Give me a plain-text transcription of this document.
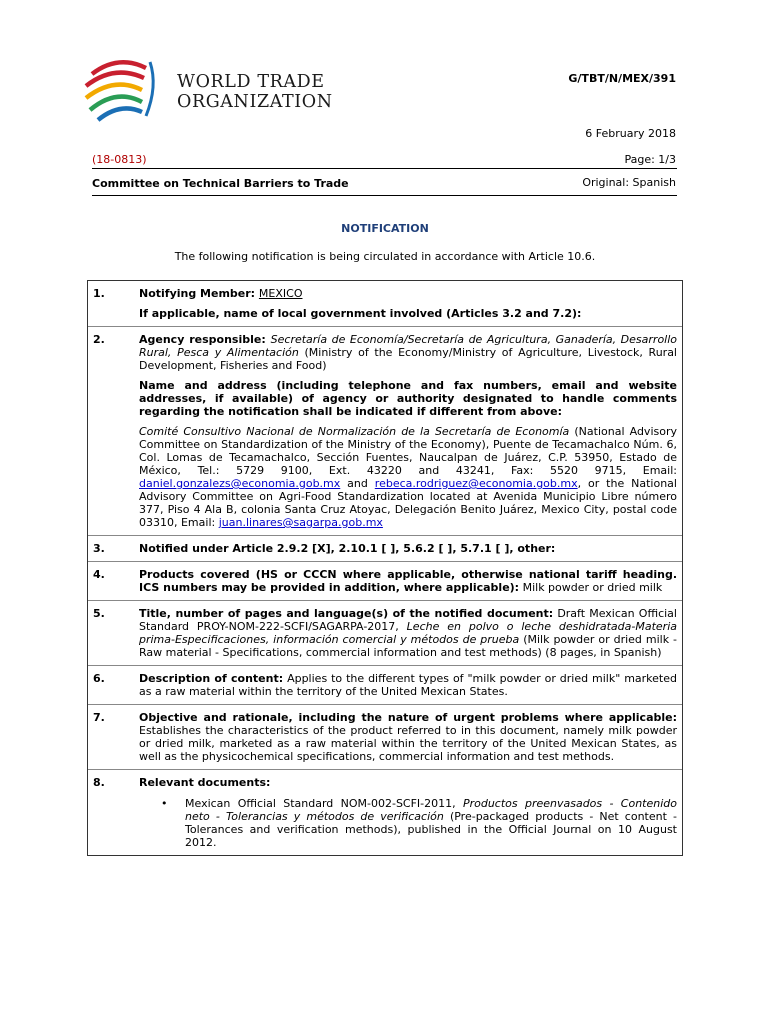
WORLD TRADE
ORGANIZATION
G/TBT/N/MEX/391
6 February 2018
(18-0813)	Page: 1/3
Committee on Technical Barriers to Trade	Original: Spanish
NOTIFICATION
The following notification is being circulated in accordance with Article 10.6.
1.	Notifying Member: MEXICO

If applicable, name of local government involved (Articles 3.2 and 7.2):

2.	Agency responsible: Secretaría de Economía/Secretaría de Agricultura, Ganadería, Desarrollo Rural, Pesca y Alimentación (Ministry of the Economy/Ministry of Agriculture, Livestock, Rural Development, Fisheries and Food)

Name and address (including telephone and fax numbers, email and website addresses, if available) of agency or authority designated to handle comments regarding the notification shall be indicated if different from above:

Comité Consultivo Nacional de Normalización de la Secretaría de Economía (National Advisory Committee on Standardization of the Ministry of the Economy), Puente de Tecamachalco Núm. 6, Col. Lomas de Tecamachalco, Sección Fuentes, Naucalpan de Juárez, C.P. 53950, Estado de México, Tel.: 5729 9100, Ext. 43220 and 43241, Fax: 5520 9715, Email: daniel.gonzalezs@economia.gob.mx and rebeca.rodriguez@economia.gob.mx, or the National Advisory Committee on Agri-Food Standardization located at Avenida Municipio Libre número 377, Piso 4 Ala B, colonia Santa Cruz Atoyac, Delegación Benito Juárez, Mexico City, postal code 03310, Email: juan.linares@sagarpa.gob.mx

3.	Notified under Article 2.9.2 [X], 2.10.1 [ ], 5.6.2 [ ], 5.7.1 [ ], other:

4.	Products covered (HS or CCCN where applicable, otherwise national tariff heading. ICS numbers may be provided in addition, where applicable): Milk powder or dried milk

5.	Title, number of pages and language(s) of the notified document: Draft Mexican Official Standard PROY-NOM-222-SCFI/SAGARPA-2017, Leche en polvo o leche deshidratada-Materia prima-Especificaciones, información comercial y métodos de prueba (Milk powder or dried milk - Raw material - Specifications, commercial information and test methods) (8 pages, in Spanish)

6.	Description of content: Applies to the different types of "milk powder or dried milk" marketed as a raw material within the territory of the United Mexican States.

7.	Objective and rationale, including the nature of urgent problems where applicable: Establishes the characteristics of the product referred to in this document, namely milk powder or dried milk, marketed as a raw material within the territory of the United Mexican States, as well as the physicochemical specifications, commercial information and test methods.

8.	Relevant documents:

• Mexican Official Standard NOM-002-SCFI-2011, Productos preenvasados - Contenido neto - Tolerancias y métodos de verificación (Pre-packaged products - Net content - Tolerances and verification methods), published in the Official Journal on 10 August 2012.
